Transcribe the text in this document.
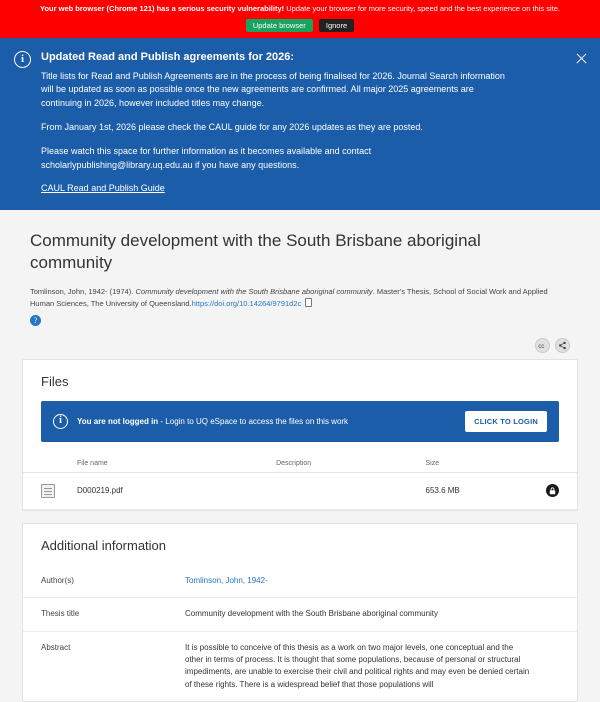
Your web browser (Chrome 121) has a serious security vulnerability! Update your browser for more security, speed and the best experience on this site.
Update browser	Ignore
i	Updated Read and Publish agreements for 2026:

Title lists for Read and Publish Agreements are in the process of being finalised for 2026. Journal Search information will be updated as soon as possible once the new agreements are confirmed. All major 2025 agreements are continuing in 2026, however included titles may change.

From January 1st, 2026 please check the CAUL guide for any 2026 updates as they are posted.

Please watch this space for further information as it becomes available and contact scholarlypublishing@library.uq.edu.au if you have any questions.

CAUL Read and Publish Guide
Community development with the South Brisbane aboriginal community
Tomlinson, John, 1942- (1974). Community development with the South Brisbane aboriginal community. Master's Thesis, School of Social Work and Applied Human Sciences, The University of Queensland.https://doi.org/10.14264/9791d2c
?
cc
Files
i	You are not logged in - Login to UQ eSpace to access the files on this work	CLICK TO LOGIN
	File name	Description	Size	

	D000219.pdf		653.6 MB	
Additional information
Author(s)	Tomlinson, John, 1942-
Thesis title	Community development with the South Brisbane aboriginal community
Abstract	It is possible to conceive of this thesis as a work on two major levels, one conceptual and the other in terms of process. It is thought that some populations, because of personal or structural impediments, are unable to exercise their civil and political rights and may even be denied certain of these rights. There is a widespread belief that those populations will
